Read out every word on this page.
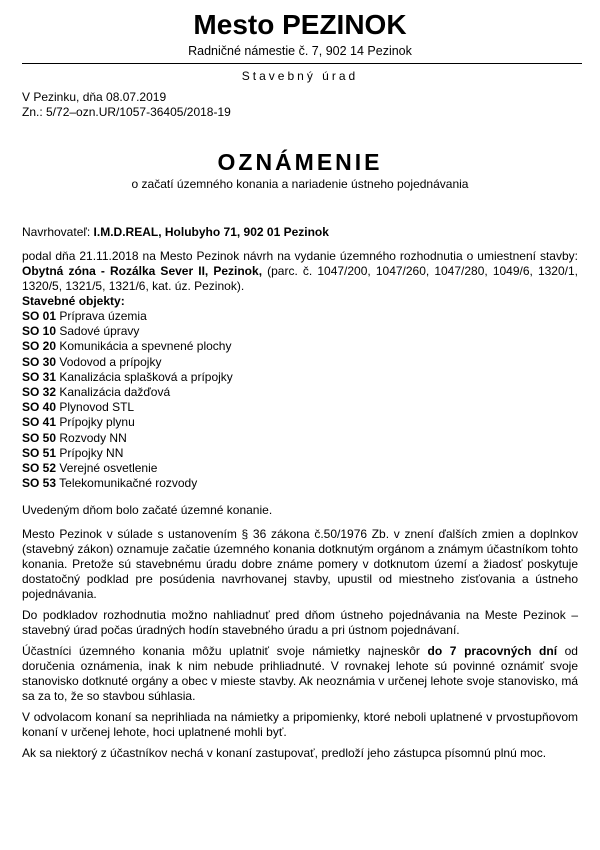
Mesto PEZINOK
Radničné námestie č. 7, 902 14 Pezinok
Stavebný úrad
V Pezinku, dňa 08.07.2019
Zn.: 5/72–ozn.UR/1057-36405/2018-19
OZNÁMENIE
o začatí územného konania a nariadenie ústneho pojednávania

Navrhovateľ: I.M.D.REAL, Holubyho 71, 902 01 Pezinok

podal dňa 21.11.2018 na Mesto Pezinok návrh na vydanie územného rozhodnutia o umiestnení stavby: Obytná zóna - Rozálka Sever II, Pezinok, (parc. č. 1047/200, 1047/260, 1047/280, 1049/6, 1320/1, 1320/5, 1321/5, 1321/6, kat. úz. Pezinok).

Stavebné objekty:

SO 01 Príprava územia
SO 10 Sadové úpravy
SO 20 Komunikácia a spevnené plochy
SO 30 Vodovod a prípojky
SO 31 Kanalizácia splašková a prípojky
SO 32 Kanalizácia dažďová
SO 40 Plynovod STL
SO 41 Prípojky plynu
SO 50 Rozvody NN
SO 51 Prípojky NN
SO 52 Verejné osvetlenie
SO 53 Telekomunikačné rozvody

Uvedeným dňom bolo začaté územné konanie.

Mesto Pezinok v súlade s ustanovením § 36 zákona č.50/1976 Zb. v znení ďalších zmien a doplnkov (stavebný zákon) oznamuje začatie územného konania dotknutým orgánom a známym účastníkom tohto konania. Pretože sú stavebnému úradu dobre známe pomery v dotknutom území a žiadosť poskytuje dostatočný podklad pre posúdenia navrhovanej stavby, upustil od miestneho zisťovania a ústneho pojednávania.

Do podkladov rozhodnutia možno nahliadnuť pred dňom ústneho pojednávania na Meste Pezinok – stavebný úrad počas úradných hodín stavebného úradu a pri ústnom pojednávaní.

Účastníci územného konania môžu uplatniť svoje námietky najneskôr do 7 pracovných dní od doručenia oznámenia, inak k nim nebude prihliadnuté. V rovnakej lehote sú povinné oznámiť svoje stanovisko dotknuté orgány a obec v mieste stavby. Ak neoznámia v určenej lehote svoje stanovisko, má sa za to, že so stavbou súhlasia.

V odvolacom konaní sa neprihliada na námietky a pripomienky, ktoré neboli uplatnené v prvostupňovom konaní v určenej lehote, hoci uplatnené mohli byť.

Ak sa niektorý z účastníkov nechá v konaní zastupovať, predloží jeho zástupca písomnú plnú moc.
